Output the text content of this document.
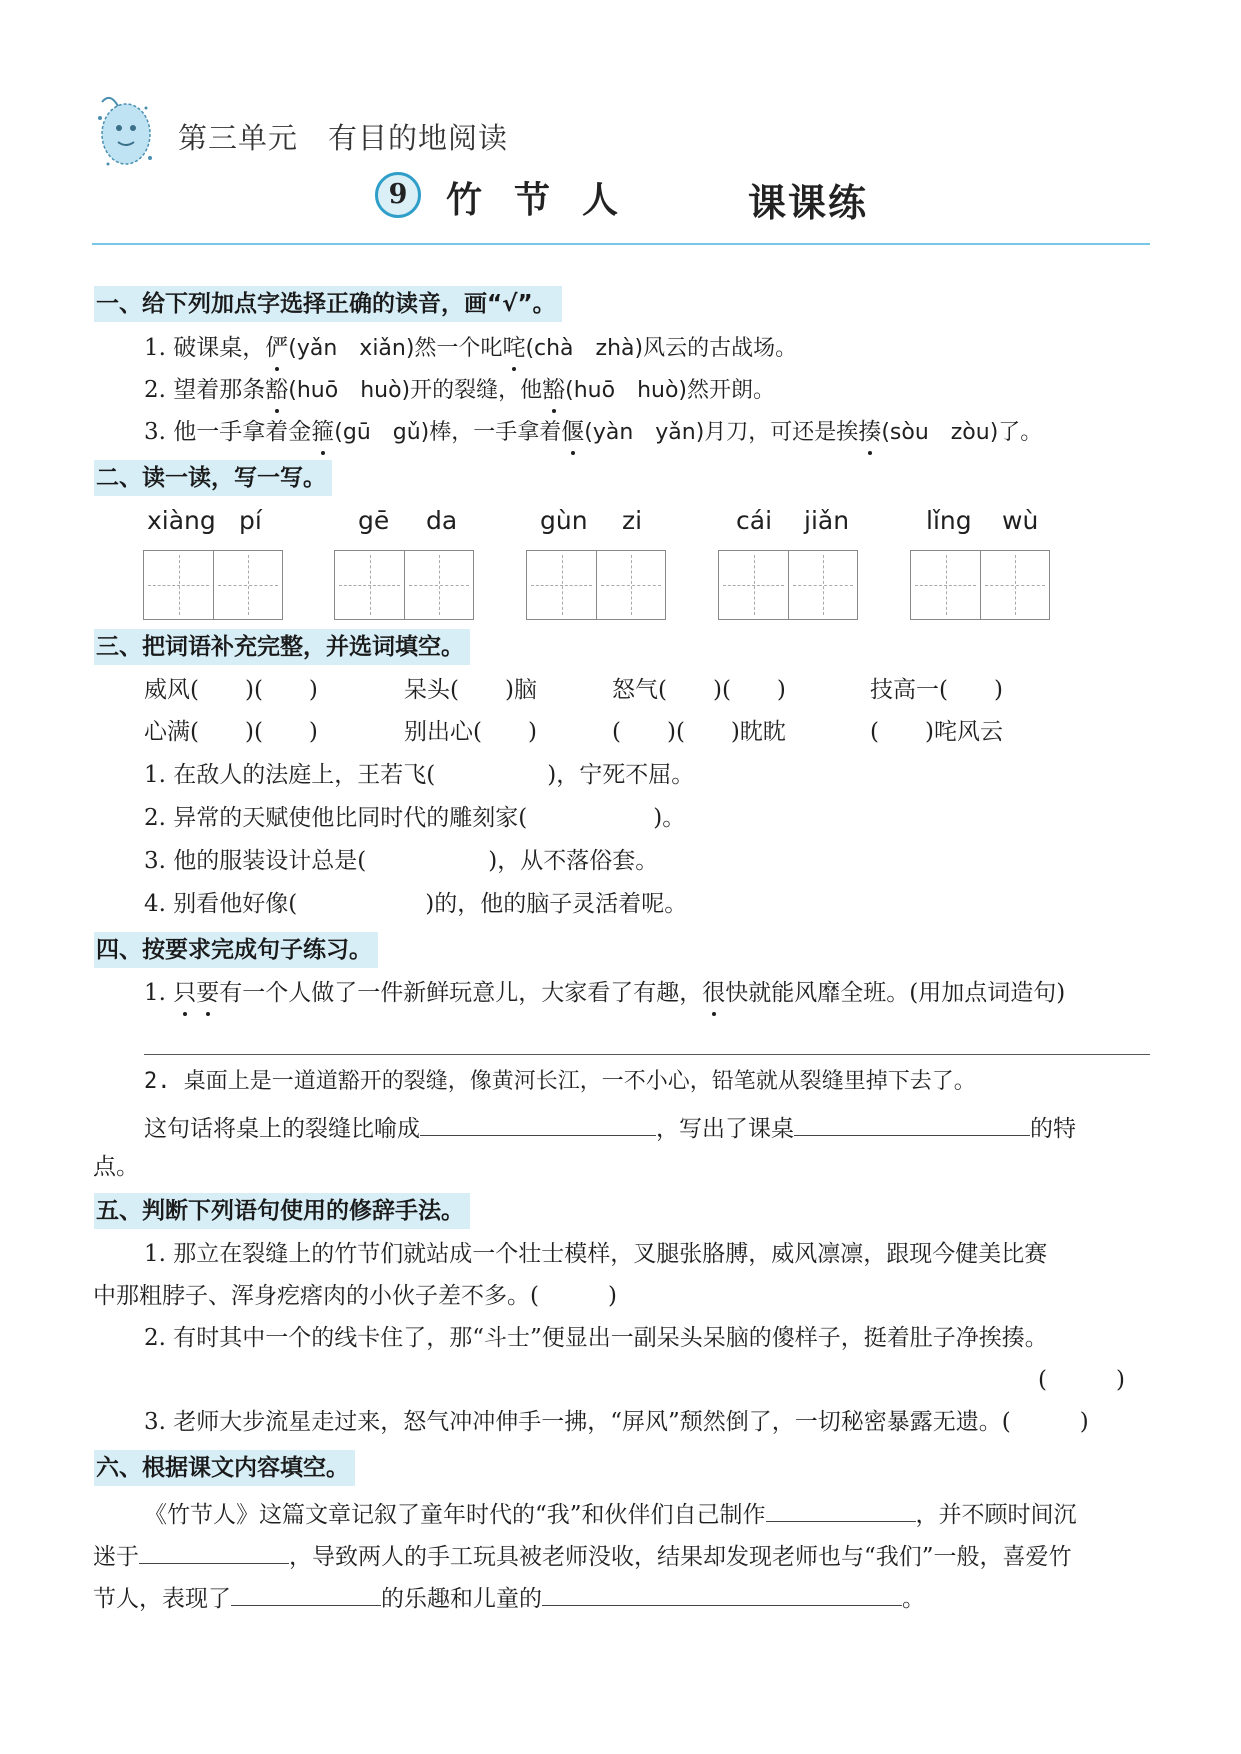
第三单元　有目的地阅读
9	竹节人	课课练
一、给下列加点字选择正确的读音，画“√”。
1. 破课桌，俨(yǎn　xiǎn)然一个叱咤(chà　zhà)风云的古战场。
2. 望着那条豁(huō　huò)开的裂缝，他豁(huō　huò)然开朗。
3. 他一手拿着金箍(gū　gǔ)棒，一手拿着偃(yàn　yǎn)月刀，可还是挨揍(sòu　zòu)了。
二、读一读，写一写。
xiàng pí	gē da	gùn zi	cái jiǎn	lǐng wù
三、把词语补充完整，并选词填空。
威风(　　)(　　)	呆头(　　)脑	怒气(　　)(　　)	技高一(　　)
心满(　　)(　　)	别出心(　　)	(　　)(　　)眈眈	(　　)咤风云
1. 在敌人的法庭上，王若飞(	)，宁死不屈。
2. 异常的天赋使他比同时代的雕刻家(	)。
3. 他的服装设计总是(	)，从不落俗套。
4. 别看他好像(	)的，他的脑子灵活着呢。
四、按要求完成句子练习。
1. 只要有一个人做了一件新鲜玩意儿，大家看了有趣，很快就能风靡全班。(用加点词造句)
2. 桌面上是一道道豁开的裂缝，像黄河长江，一不小心，铅笔就从裂缝里掉下去了。
这句话将桌上的裂缝比喻成	，写出了课桌	的特
点。
五、判断下列语句使用的修辞手法。
1. 那立在裂缝上的竹节们就站成一个壮士模样，叉腿张胳膊，威风凛凛，跟现今健美比赛
中那粗脖子、浑身疙瘩肉的小伙子差不多。(　　　)
2. 有时其中一个的线卡住了，那“斗士”便显出一副呆头呆脑的傻样子，挺着肚子净挨揍。
(　　　)
3. 老师大步流星走过来，怒气冲冲伸手一拂，“屏风”颓然倒了，一切秘密暴露无遗。(　　　)
六、根据课文内容填空。
《竹节人》这篇文章记叙了童年时代的“我”和伙伴们自己制作	，并不顾时间沉
迷于	，导致两人的手工玩具被老师没收，结果却发现老师也与“我们”一般，喜爱竹
节人，表现了	的乐趣和儿童的	。
